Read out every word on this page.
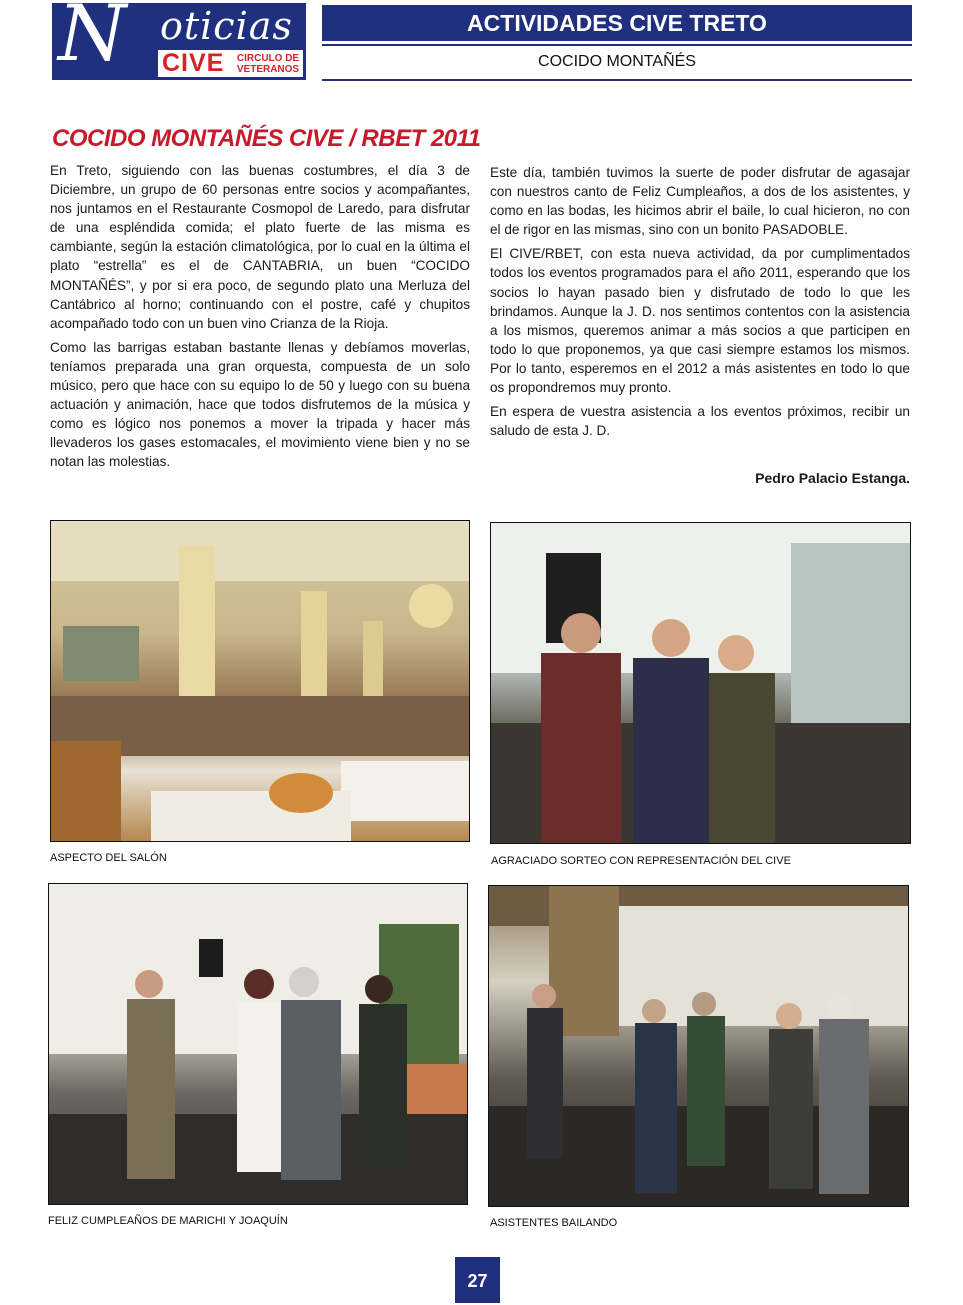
N oticias
CIVE CIRCULO DE
VETERANOS
ACTIVIDADES CIVE TRETO
COCIDO MONTAÑÉS
COCIDO MONTAÑÉS CIVE / RBET 2011

En Treto, siguiendo con las buenas costumbres, el día 3 de Diciembre, un grupo de 60 personas entre socios y acompañantes, nos juntamos en el Restaurante Cosmopol de Laredo, para disfrutar de una espléndida comida; el plato fuerte de las misma es cambiante, según la estación climatológica, por lo cual en la última el plato “estrella” es el de CANTABRIA, un buen “COCIDO MONTAÑÉS”, y por si era poco, de segundo plato una Merluza del Cantábrico al horno; continuando con el postre, café y chupitos acompañado todo con un buen vino Crianza de la Rioja.

Como las barrigas estaban bastante llenas y debíamos moverlas, teníamos preparada una gran orquesta, compuesta de un solo músico, pero que hace con su equipo lo de 50 y luego con su buena actuación y animación, hace que todos disfrutemos de la música y como es lógico nos ponemos a mover la tripada y hacer más llevaderos los gases estomacales, el movimiento viene bien y no se notan las molestias.

Este día, también tuvimos la suerte de poder disfrutar de agasajar con nuestros canto de Feliz Cumpleaños, a dos de los asistentes, y como en las bodas, les hicimos abrir el baile, lo cual hicieron, no con el de rigor en las mismas, sino con un bonito PASADOBLE.

El CIVE/RBET, con esta nueva actividad, da por cumplimentados todos los eventos programados para el año 2011, esperando que los socios lo hayan pasado bien y disfrutado de todo lo que les brindamos. Aunque la J. D. nos sentimos contentos con la asistencia a los mismos, queremos animar a más socios a que participen en todo lo que proponemos, ya que casi siempre estamos los mismos. Por lo tanto, esperemos en el 2012 a más asistentes en todo lo que os propondremos muy pronto.

En espera de vuestra asistencia a los eventos próximos, recibir un saludo de esta J. D.

Pedro Palacio Estanga.
ASPECTO DEL SALÓN	AGRACIADO SORTEO CON REPRESENTACIÓN DEL CIVE
FELIZ CUMPLEAÑOS DE MARICHI Y JOAQUÍN	ASISTENTES BAILANDO
27
